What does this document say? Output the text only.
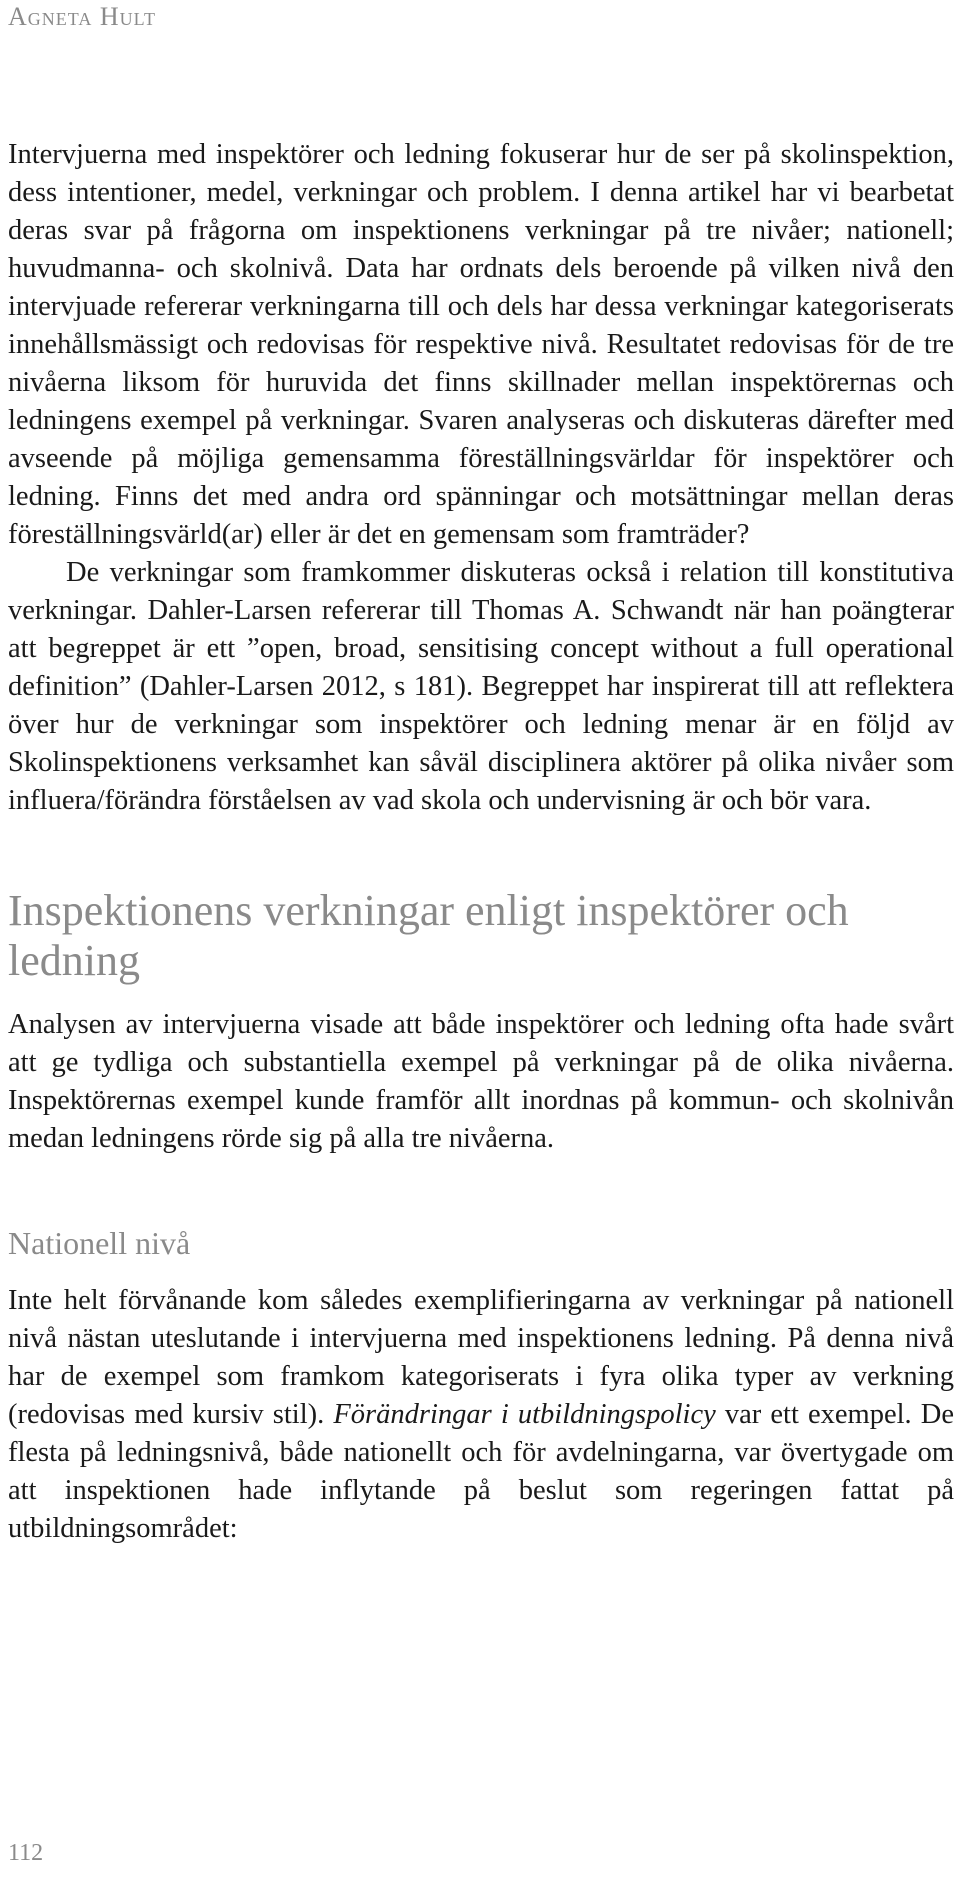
Agneta Hult

Intervjuerna med inspektörer och ledning fokuserar hur de ser på skolinspektion, dess intentioner, medel, verkningar och problem. I denna artikel har vi bearbetat deras svar på frågorna om inspektionens verkningar på tre nivåer; nationell; huvudmanna- och skolnivå. Data har ordnats dels beroende på vilken nivå den intervjuade refererar verkningarna till och dels har dessa verkningar kategoriserats innehållsmässigt och redovisas för respektive nivå. Resultatet redovisas för de tre nivåerna liksom för huruvida det finns skillnader mellan inspektörernas och ledningens exempel på verkningar. Svaren analyseras och diskuteras därefter med avseende på möjliga gemensamma föreställningsvärldar för inspektörer och ledning. Finns det med andra ord spänningar och motsättningar mellan deras föreställningsvärld(ar) eller är det en gemensam som framträder?

De verkningar som framkommer diskuteras också i relation till konstitutiva verkningar. Dahler-Larsen refererar till Thomas A. Schwandt när han poängterar att begreppet är ett ”open, broad, sensitising concept without a full operational definition” (Dahler-Larsen 2012, s 181). Begreppet har inspirerat till att reflektera över hur de verkningar som inspektörer och ledning menar är en följd av Skolinspektionens verksamhet kan såväl disciplinera aktörer på olika nivåer som influera/förändra förståelsen av vad skola och undervisning är och bör vara.

Inspektionens verkningar enligt inspektörer och ledning

Analysen av intervjuerna visade att både inspektörer och ledning ofta hade svårt att ge tydliga och substantiella exempel på verkningar på de olika nivåerna. Inspektörernas exempel kunde framför allt inordnas på kommun- och skolnivån medan ledningens rörde sig på alla tre nivåerna.

Nationell nivå

Inte helt förvånande kom således exemplifieringarna av verkningar på nationell nivå nästan uteslutande i intervjuerna med inspektionens ledning. På denna nivå har de exempel som framkom kategoriserats i fyra olika typer av verkning (redovisas med kursiv stil). Förändringar i utbildningspolicy var ett exempel. De flesta på ledningsnivå, både nationellt och för avdelningarna, var övertygade om att inspektionen hade inflytande på beslut som regeringen fattat på utbildningsområdet:

112
